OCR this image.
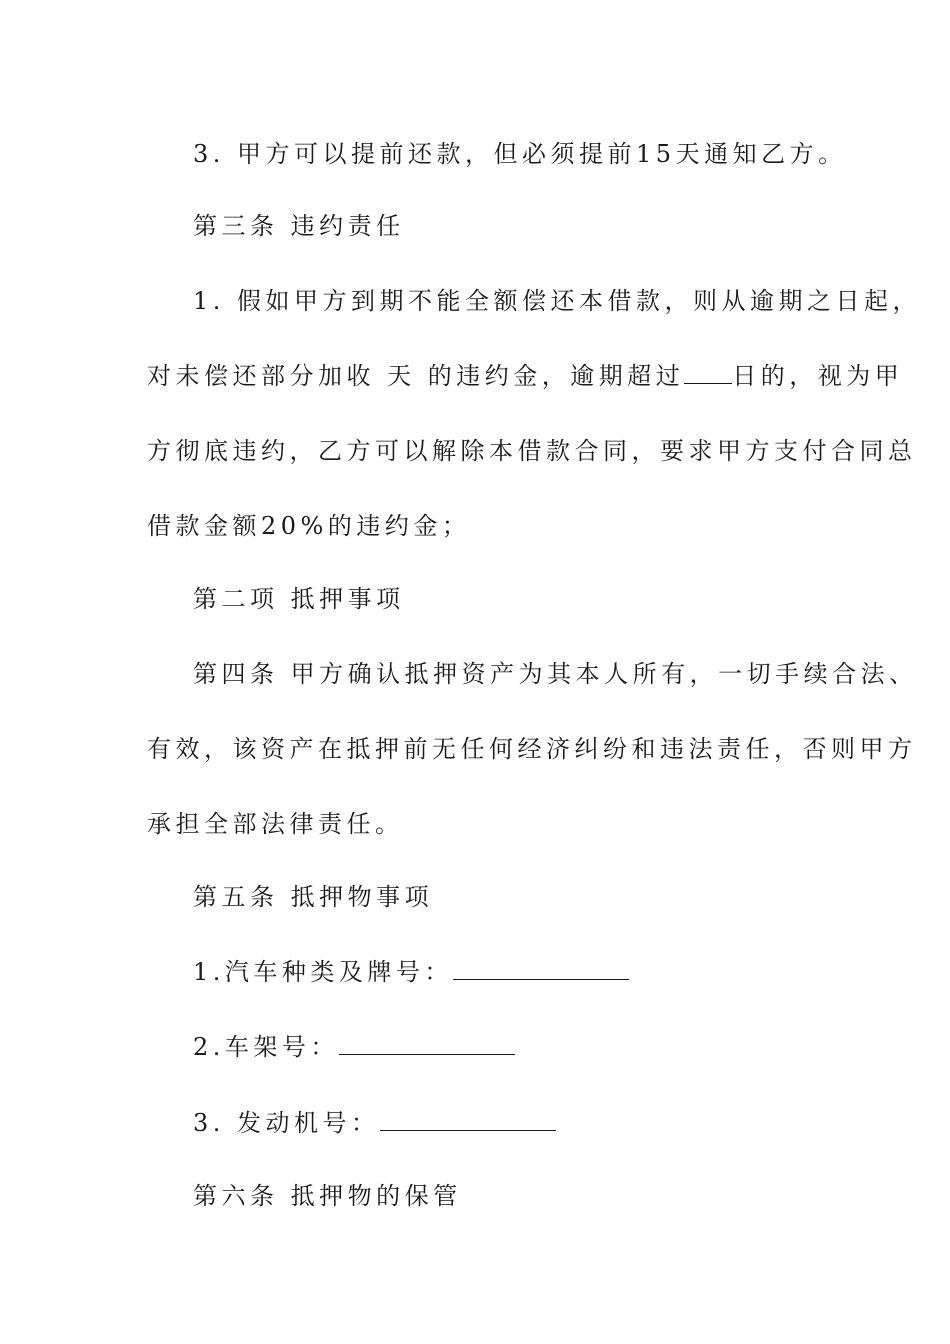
3. 甲方可以提前还款，但必须提前15天通知乙方。
第三条 违约责任
1. 假如甲方到期不能全额偿还本借款，则从逾期之日起，
对未偿还部分加收 天 的违约金，逾期超过 日的，视为甲
方彻底违约，乙方可以解除本借款合同，要求甲方支付合同总
借款金额20%的违约金；
第二项 抵押事项
第四条 甲方确认抵押资产为其本人所有，一切手续合法、
有效，该资产在抵押前无任何经济纠纷和违法责任，否则甲方
承担全部法律责任。
第五条 抵押物事项
1.汽车种类及牌号：
2.车架号：
3. 发动机号：
第六条 抵押物的保管
